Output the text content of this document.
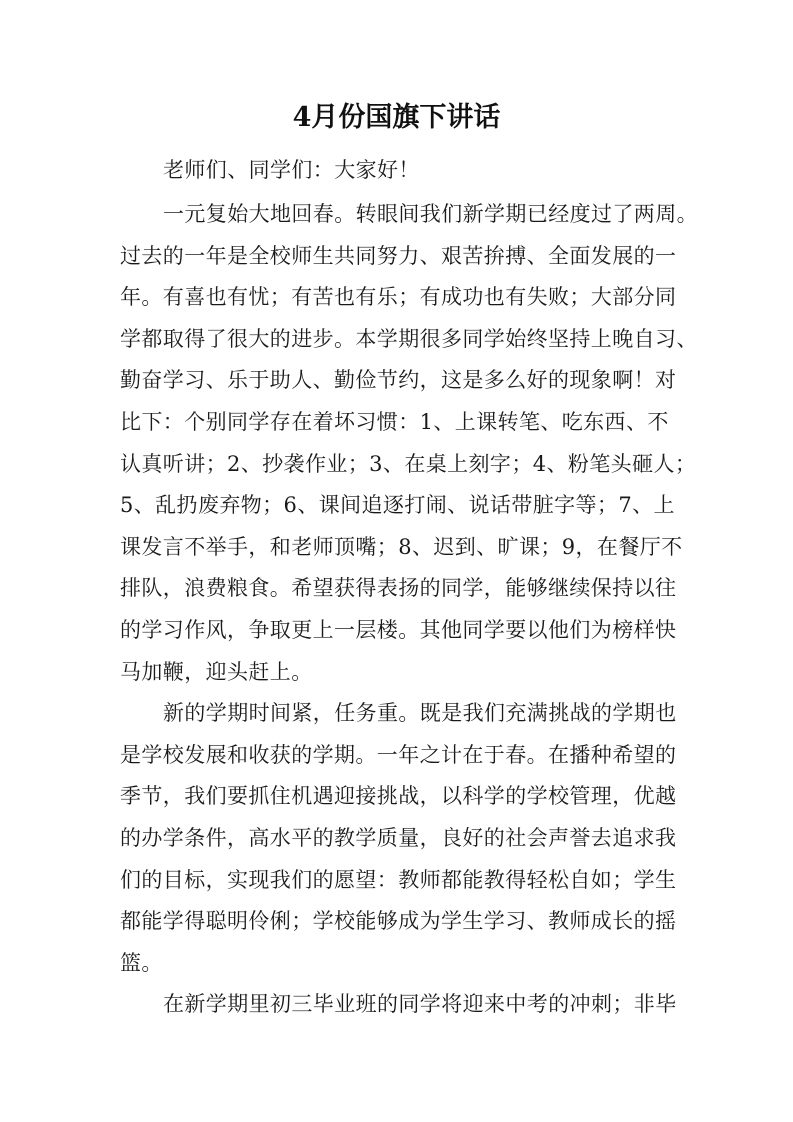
4月份国旗下讲话
老师们、同学们：大家好！
一元复始大地回春。转眼间我们新学期已经度过了两周。
过去的一年是全校师生共同努力、艰苦拚搏、全面发展的一
年。有喜也有忧；有苦也有乐；有成功也有失败；大部分同
学都取得了很大的进步。本学期很多同学始终坚持上晚自习、
勤奋学习、乐于助人、勤俭节约，这是多么好的现象啊！对
比下：个别同学存在着坏习惯：1、上课转笔、吃东西、不
认真听讲；2、抄袭作业；3、在桌上刻字；4、粉笔头砸人；
5、乱扔废弃物；6、课间追逐打闹、说话带脏字等；7、上
课发言不举手，和老师顶嘴；8、迟到、旷课；9，在餐厅不
排队，浪费粮食。希望获得表扬的同学，能够继续保持以往
的学习作风，争取更上一层楼。其他同学要以他们为榜样快
马加鞭，迎头赶上。
新的学期时间紧，任务重。既是我们充满挑战的学期也
是学校发展和收获的学期。一年之计在于春。在播种希望的
季节，我们要抓住机遇迎接挑战，以科学的学校管理，优越
的办学条件，高水平的教学质量，良好的社会声誉去追求我
们的目标，实现我们的愿望：教师都能教得轻松自如；学生
都能学得聪明伶俐；学校能够成为学生学习、教师成长的摇
篮。
在新学期里初三毕业班的同学将迎来中考的冲刺；非毕
